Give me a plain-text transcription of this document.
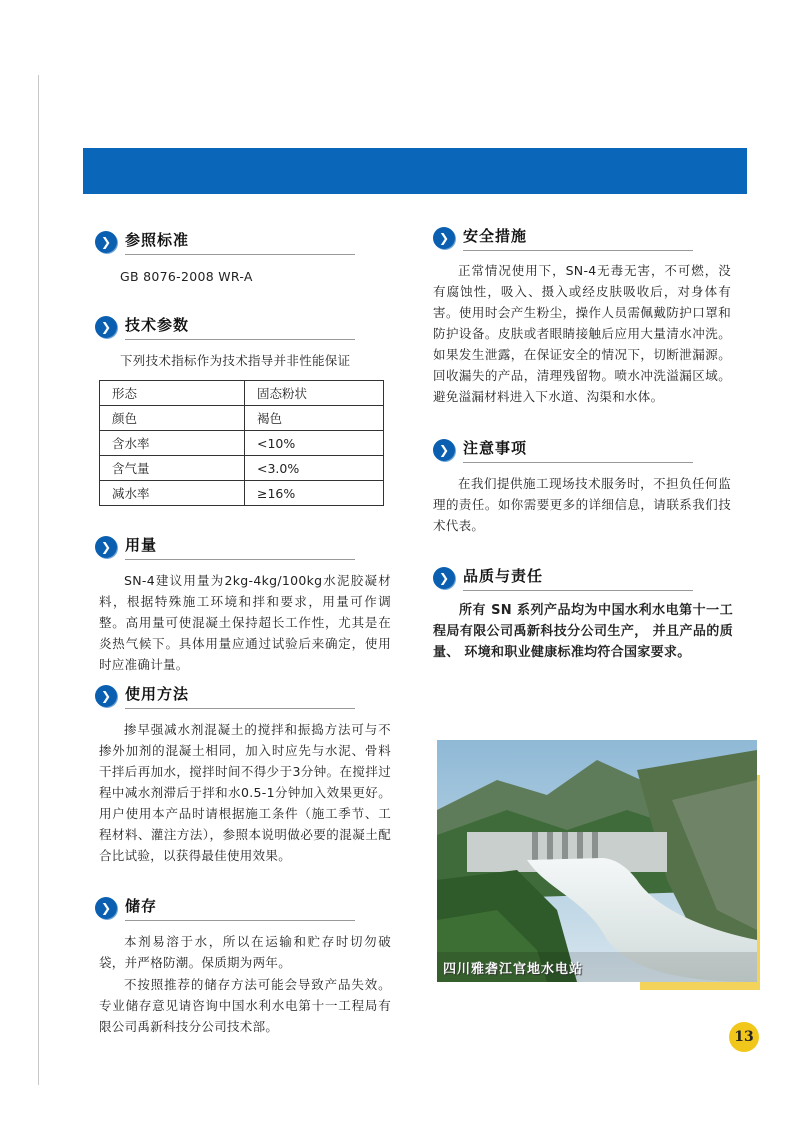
❯ 参照标准
GB 8076-2008 WR-A
❯ 技术参数
下列技术指标作为技术指导并非性能保证
形态	固态粉状
颜色	褐色
含水率	<10%
含气量	<3.0%
减水率	≥16%
❯ 用量
SN-4建议用量为2kg-4kg/100kg水泥胶凝材料，根据特殊施工环境和拌和要求，用量可作调整。高用量可使混凝土保持超长工作性，尤其是在炎热气候下。具体用量应通过试验后来确定，使用时应准确计量。
❯ 使用方法
掺早强减水剂混凝土的搅拌和振捣方法可与不掺外加剂的混凝土相同，加入时应先与水泥、骨料干拌后再加水，搅拌时间不得少于3分钟。在搅拌过程中减水剂滞后于拌和水0.5-1分钟加入效果更好。用户使用本产品时请根据施工条件（施工季节、工程材料、灌注方法），参照本说明做必要的混凝土配合比试验，以获得最佳使用效果。
❯ 储存
本剂易溶于水，所以在运输和贮存时切勿破袋，并严格防潮。保质期为两年。
不按照推荐的储存方法可能会导致产品失效。 专业储存意见请咨询中国水利水电第十一工程局有限公司禹新科技分公司技术部。
❯ 安全措施
正常情况使用下，SN-4无毒无害，不可燃，没有腐蚀性，吸入、摄入或经皮肤吸收后，对身体有害。使用时会产生粉尘，操作人员需佩戴防护口罩和防护设备。皮肤或者眼睛接触后应用大量清水冲洗。如果发生泄露，在保证安全的情况下，切断泄漏源。回收漏失的产品，清理残留物。喷水冲洗溢漏区域。避免溢漏材料进入下水道、沟渠和水体。
❯ 注意事项
在我们提供施工现场技术服务时，不担负任何监理的责任。如你需要更多的详细信息，请联系我们技术代表。
❯ 品质与责任
所有 SN 系列产品均为中国水利水电第十一工程局有限公司禹新科技分公司生产， 并且产品的质量、 环境和职业健康标准均符合国家要求。
四川雅砻江官地水电站
13
